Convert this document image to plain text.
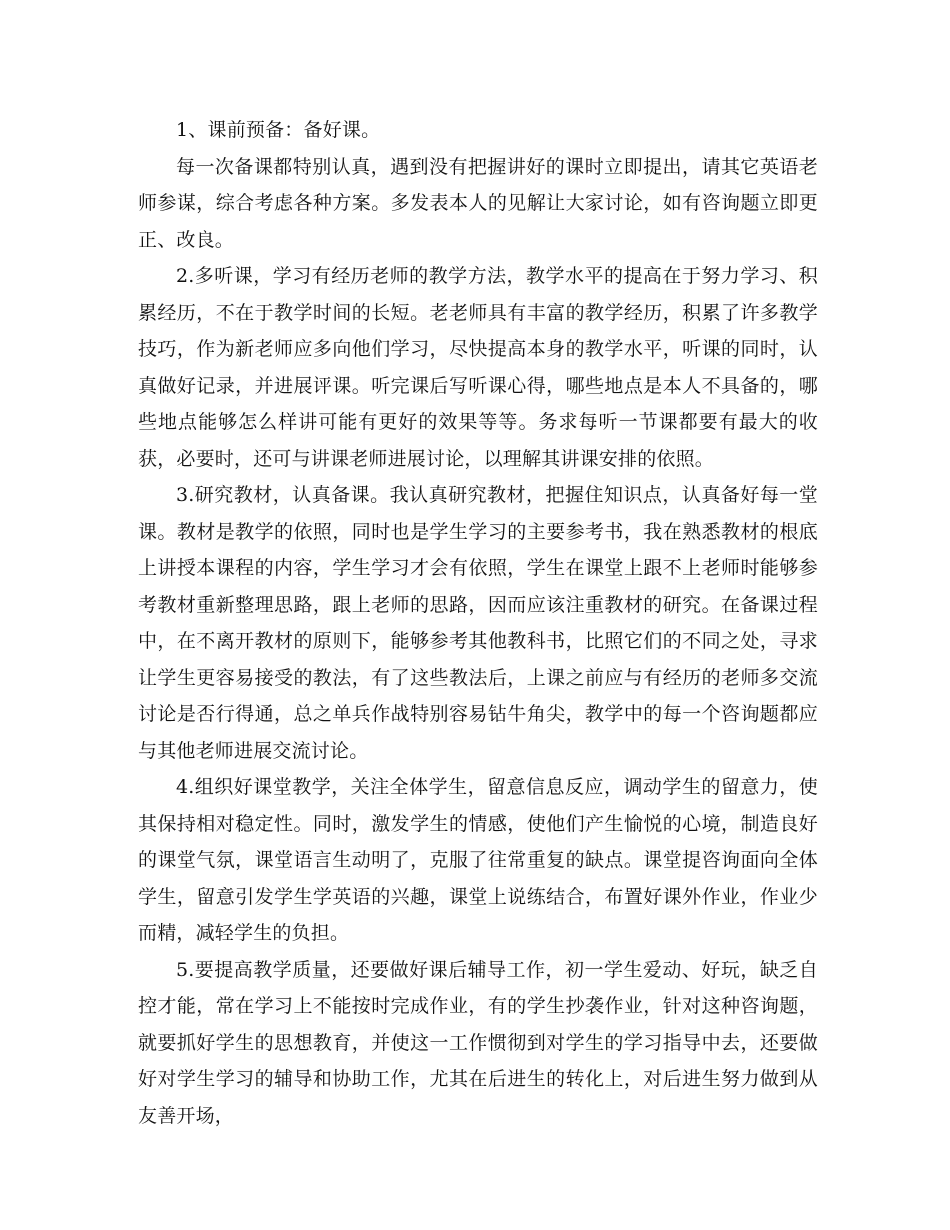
1、课前预备：备好课。

每一次备课都特别认真，遇到没有把握讲好的课时立即提出，请其它英语老师参谋，综合考虑各种方案。多发表本人的见解让大家讨论，如有咨询题立即更正、改良。

2.多听课，学习有经历老师的教学方法，教学水平的提高在于努力学习、积累经历，不在于教学时间的长短。老老师具有丰富的教学经历，积累了许多教学技巧，作为新老师应多向他们学习，尽快提高本身的教学水平，听课的同时，认真做好记录，并进展评课。听完课后写听课心得，哪些地点是本人不具备的，哪些地点能够怎么样讲可能有更好的效果等等。务求每听一节课都要有最大的收获，必要时，还可与讲课老师进展讨论，以理解其讲课安排的依照。

3.研究教材，认真备课。我认真研究教材，把握住知识点，认真备好每一堂课。教材是教学的依照，同时也是学生学习的主要参考书，我在熟悉教材的根底上讲授本课程的内容，学生学习才会有依照，学生在课堂上跟不上老师时能够参考教材重新整理思路，跟上老师的思路，因而应该注重教材的研究。在备课过程中，在不离开教材的原则下，能够参考其他教科书，比照它们的不同之处，寻求让学生更容易接受的教法，有了这些教法后，上课之前应与有经历的老师多交流讨论是否行得通，总之单兵作战特别容易钻牛角尖，教学中的每一个咨询题都应与其他老师进展交流讨论。

4.组织好课堂教学，关注全体学生，留意信息反应，调动学生的留意力，使其保持相对稳定性。同时，激发学生的情感，使他们产生愉悦的心境，制造良好的课堂气氛，课堂语言生动明了，克服了往常重复的缺点。课堂提咨询面向全体学生，留意引发学生学英语的兴趣，课堂上说练结合，布置好课外作业，作业少而精，减轻学生的负担。

5.要提高教学质量，还要做好课后辅导工作，初一学生爱动、好玩，缺乏自控才能，常在学习上不能按时完成作业，有的学生抄袭作业，针对这种咨询题，就要抓好学生的思想教育，并使这一工作惯彻到对学生的学习指导中去，还要做好对学生学习的辅导和协助工作，尤其在后进生的转化上，对后进生努力做到从友善开场，
